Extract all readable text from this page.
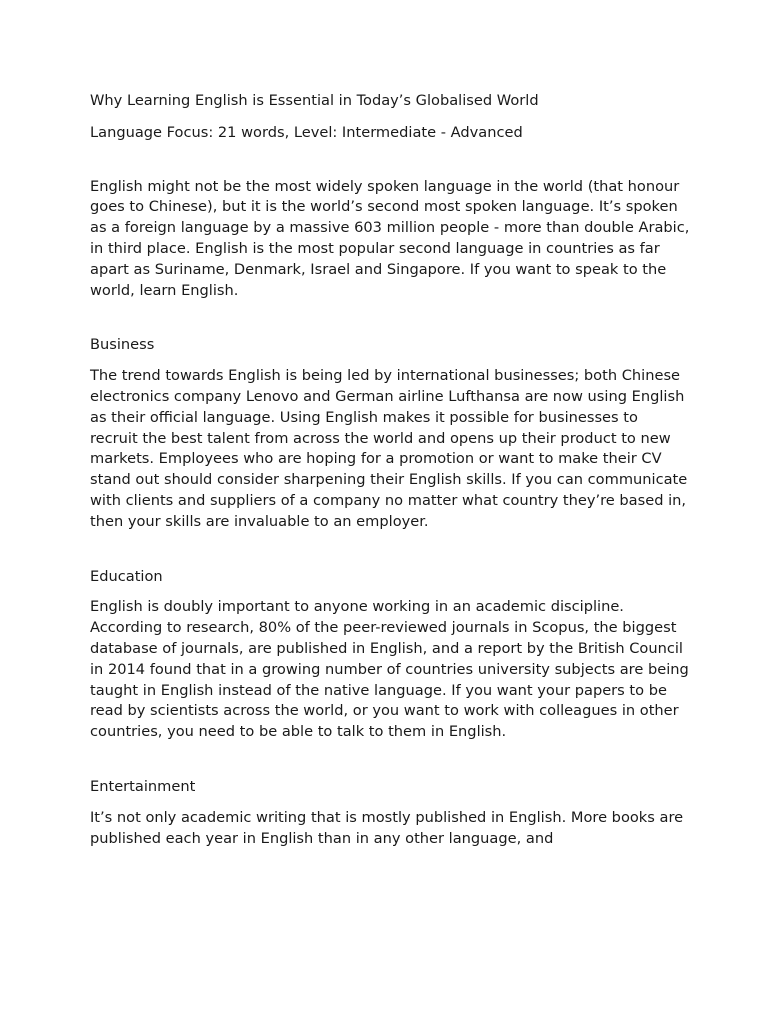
Why Learning English is Essential in Today’s Globalised World

Language Focus: 21 words, Level: Intermediate - Advanced

English might not be the most widely spoken language in the world (that honour goes to Chinese), but it is the world’s second most spoken language. It’s spoken as a foreign language by a massive 603 million people - more than double Arabic, in third place. English is the most popular second language in countries as far apart as Suriname, Denmark, Israel and Singapore. If you want to speak to the world, learn English.

Business

The trend towards English is being led by international businesses; both Chinese electronics company Lenovo and German airline Lufthansa are now using English as their official language. Using English makes it possible for businesses to recruit the best talent from across the world and opens up their product to new markets. Employees who are hoping for a promotion or want to make their CV stand out should consider sharpening their English skills. If you can communicate with clients and suppliers of a company no matter what country they’re based in, then your skills are invaluable to an employer.

Education

English is doubly important to anyone working in an academic discipline. According to research, 80% of the peer-reviewed journals in Scopus, the biggest database of journals, are published in English, and a report by the British Council in 2014 found that in a growing number of countries university subjects are being taught in English instead of the native language. If you want your papers to be read by scientists across the world, or you want to work with colleagues in other countries, you need to be able to talk to them in English.

Entertainment

It’s not only academic writing that is mostly published in English. More books are published each year in English than in any other language, and
